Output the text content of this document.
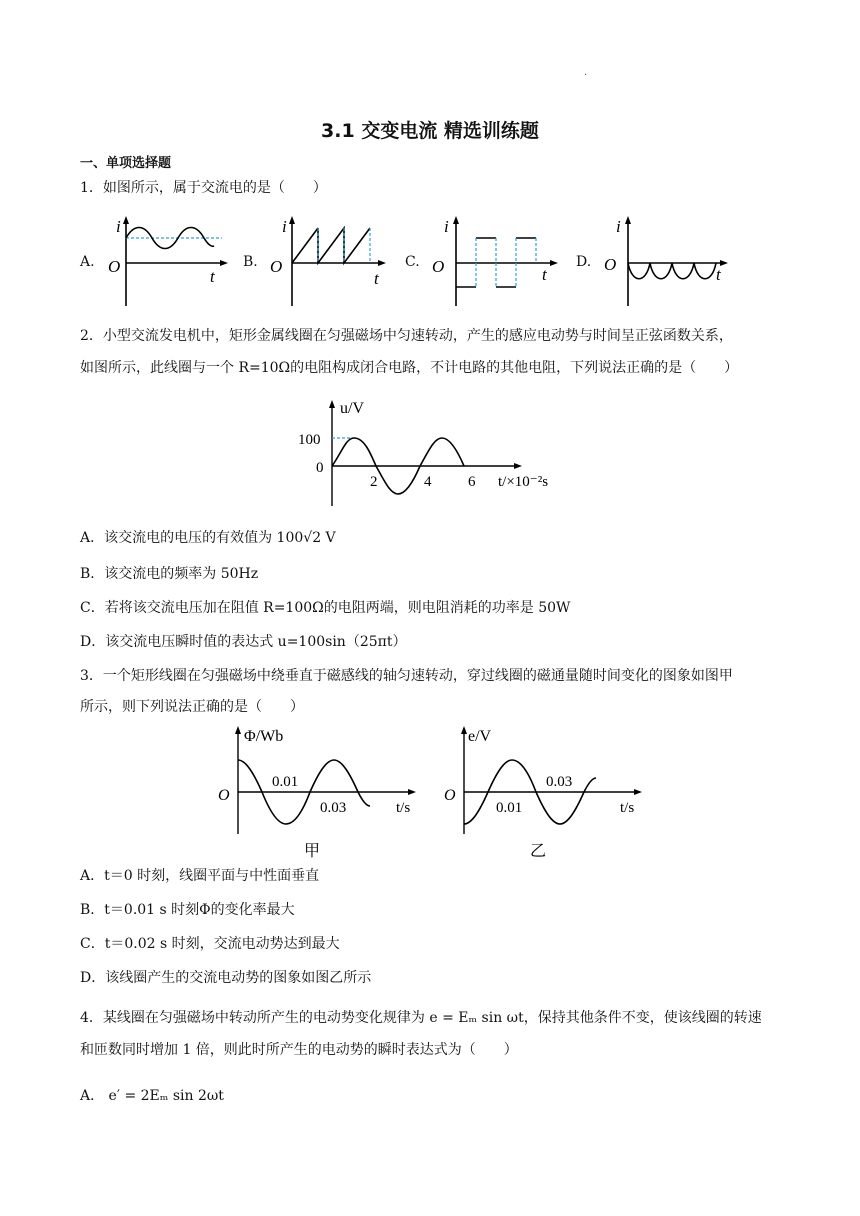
·
3.1 交变电流 精选训练题
一、单项选择题
1．如图所示，属于交流电的是（　　）
A.
i
O
t
B.
i
O
t
C.
i
O	t
D.
i
O
t
2．小型交流发电机中，矩形金属线圈在匀强磁场中匀速转动，产生的感应电动势与时间呈正弦函数关系，
如图所示，此线圈与一个 R=10Ω的电阻构成闭合电路，不计电路的其他电阻，下列说法正确的是（　　）
u/V
100
0
2	4 6 t/×10⁻²s
A．该交流电的电压的有效值为 100√2 V
B．该交流电的频率为 50Hz
C．若将该交流电压加在阻值 R=100Ω的电阻两端，则电阻消耗的功率是 50W
D．该交流电压瞬时值的表达式 u=100sin（25πt）
3．一个矩形线圈在匀强磁场中绕垂直于磁感线的轴匀速转动，穿过线圈的磁通量随时间变化的图象如图甲
所示，则下列说法正确的是（　　）
Φ/Wb
O
0.01
0.03	t/s
甲
e/V
O
0.01
0.03
t/s
乙
A．t＝0 时刻，线圈平面与中性面垂直
B．t＝0.01 s 时刻Φ的变化率最大
C．t＝0.02 s 时刻，交流电动势达到最大
D．该线圈产生的交流电动势的图象如图乙所示
4．某线圈在匀强磁场中转动所产生的电动势变化规律为 e = Eₘ sin ωt，保持其他条件不变，使该线圈的转速
和匝数同时增加 1 倍，则此时所产生的电动势的瞬时表达式为（　　）
A． e′ = 2Eₘ sin 2ωt
